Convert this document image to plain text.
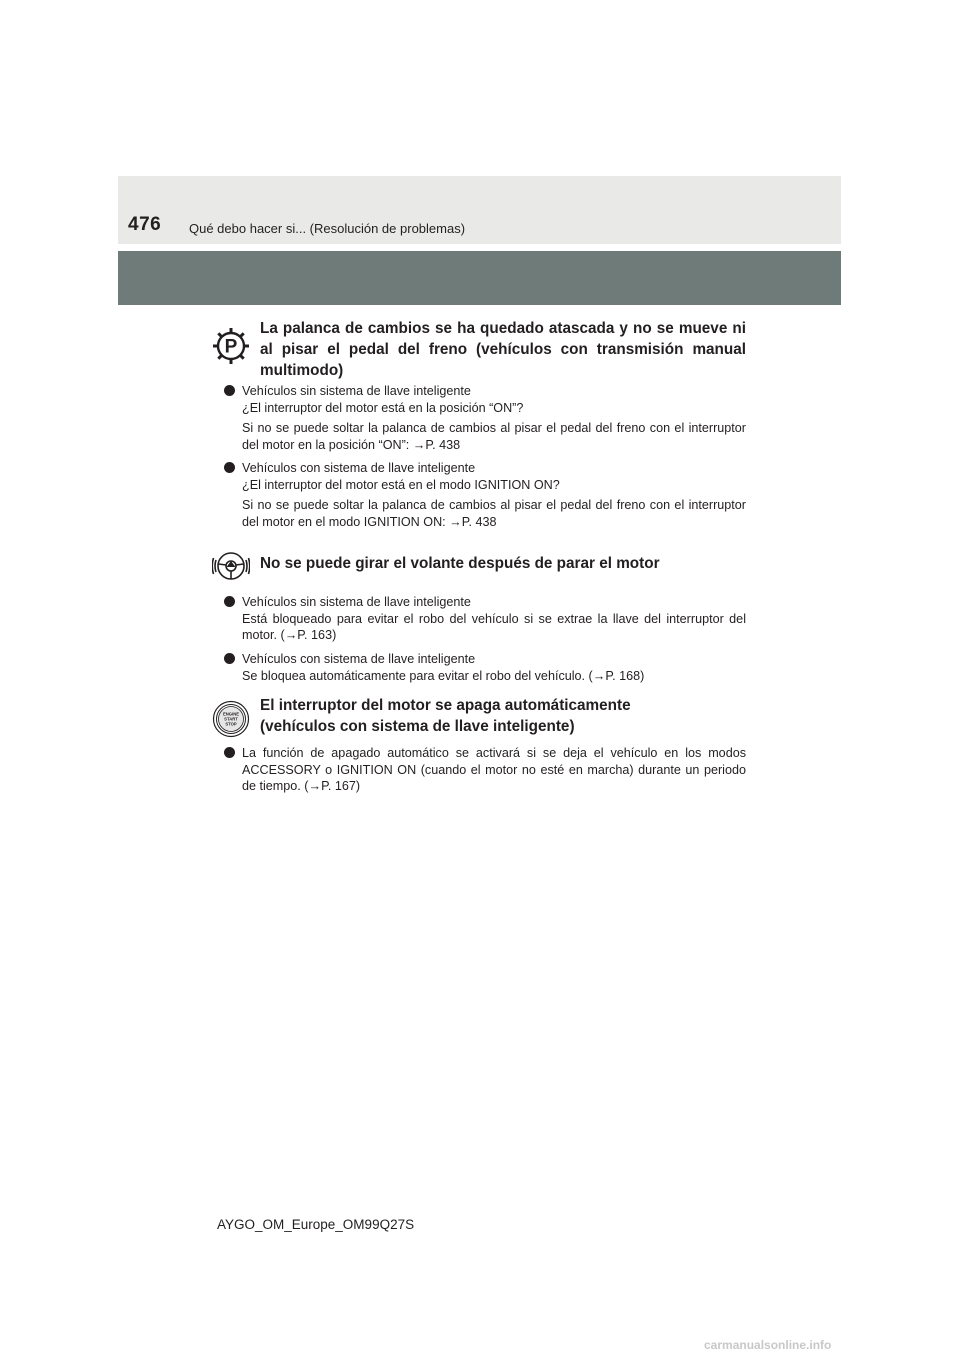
476 Qué debo hacer si... (Resolución de problemas)
P
La palanca de cambios se ha quedado atascada y no se mueve ni al pisar el pedal del freno (vehículos con transmisión manual multimodo)

Vehículos sin sistema de llave inteligente

¿El interruptor del motor está en la posición “ON”?

Si no se puede soltar la palanca de cambios al pisar el pedal del freno con el interruptor del motor en la posición “ON”: →P. 438

Vehículos con sistema de llave inteligente

¿El interruptor del motor está en el modo IGNITION ON?

Si no se puede soltar la palanca de cambios al pisar el pedal del freno con el interruptor del motor en el modo IGNITION ON: →P. 438

No se puede girar el volante después de parar el motor

Vehículos sin sistema de llave inteligente

Está bloqueado para evitar el robo del vehículo si se extrae la llave del interruptor del motor. (→P. 163)

Vehículos con sistema de llave inteligente

Se bloquea automáticamente para evitar el robo del vehículo. (→P. 168)

ENGINE
START
STOP
El interruptor del motor se apaga automáticamente
(vehículos con sistema de llave inteligente)

La función de apagado automático se activará si se deja el vehículo en los modos ACCESSORY o IGNITION ON (cuando el motor no esté en marcha) durante un periodo de tiempo. (→P. 167)

AYGO_OM_Europe_OM99Q27S
carmanualsonline.info
